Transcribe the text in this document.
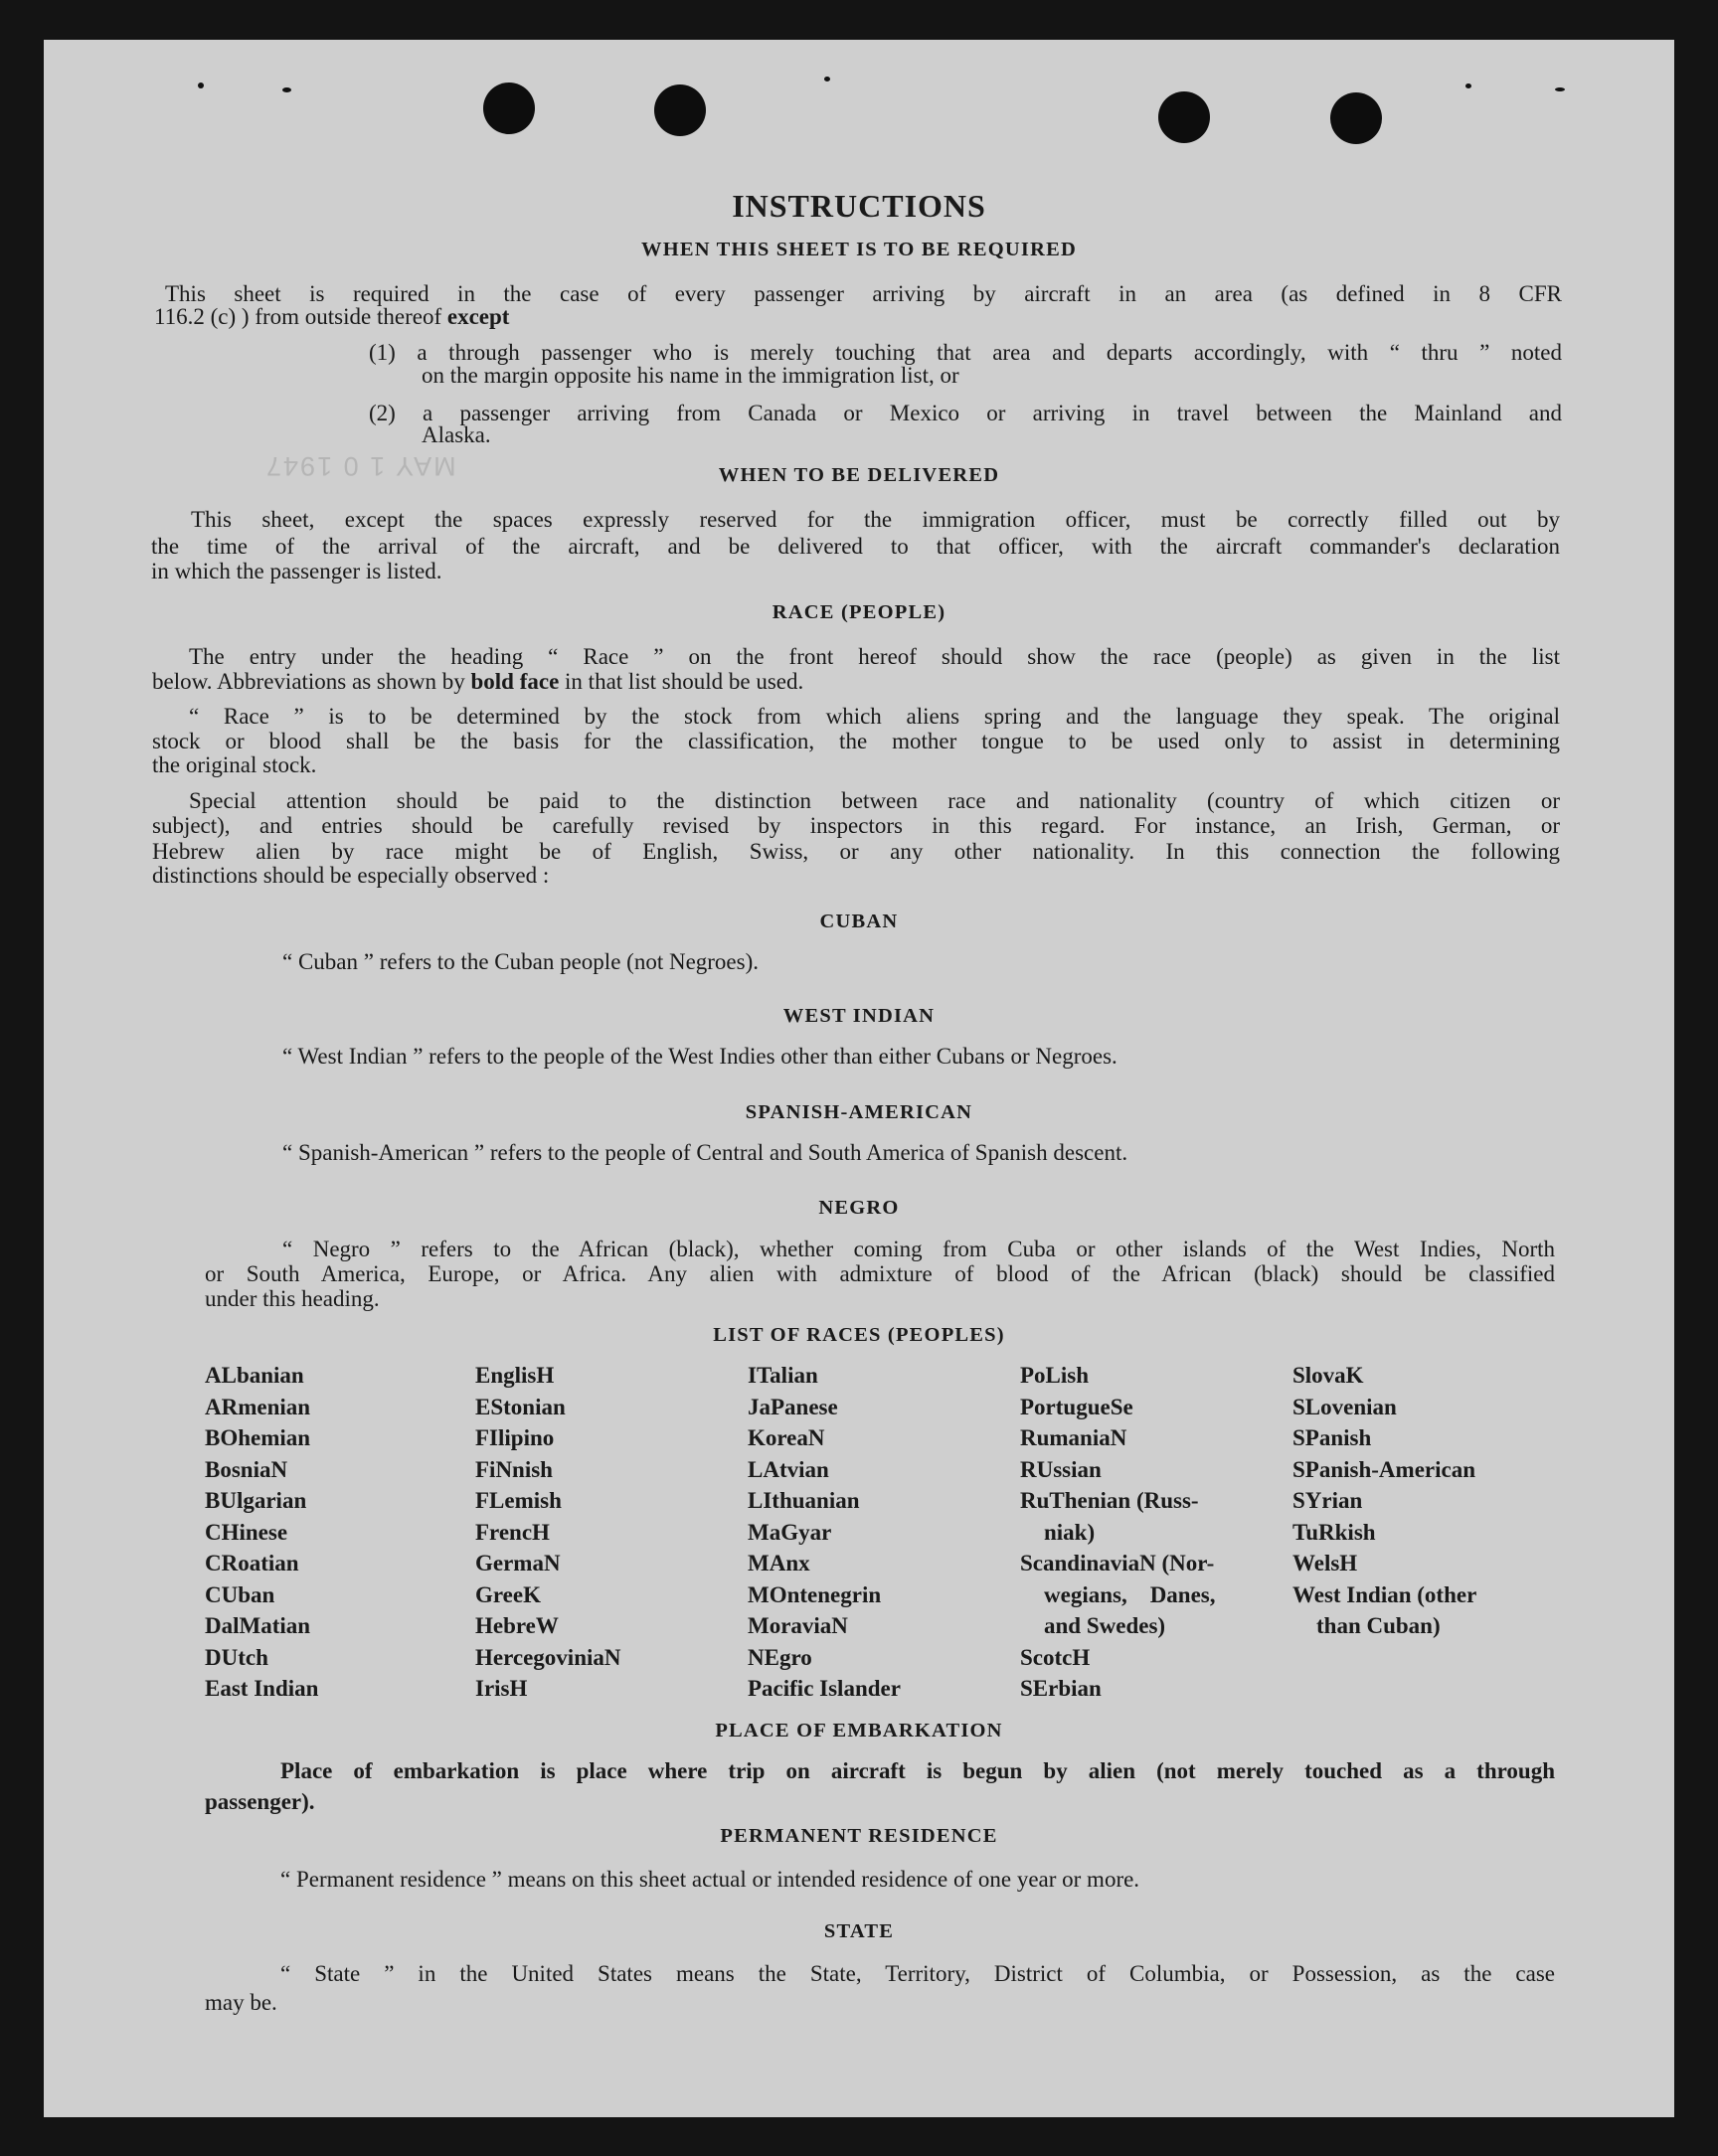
MAY 1 0 1947
INSTRUCTIONS
WHEN THIS SHEET IS TO BE REQUIRED

This sheet is required in the case of every passenger arriving by aircraft in an area (as defined in 8 CFR

116.2 (c) ) from outside thereof except

(1) a through passenger who is merely touching that area and departs accordingly, with “ thru ” noted

on the margin opposite his name in the immigration list, or

(2) a passenger arriving from Canada or Mexico or arriving in travel between the Mainland and

Alaska.

WHEN TO BE DELIVERED

This sheet, except the spaces expressly reserved for the immigration officer, must be correctly filled out by

the time of the arrival of the aircraft, and be delivered to that officer, with the aircraft commander's declaration

in which the passenger is listed.

RACE (PEOPLE)

The entry under the heading “ Race ” on the front hereof should show the race (people) as given in the list

below. Abbreviations as shown by bold face in that list should be used.

“ Race ” is to be determined by the stock from which aliens spring and the language they speak. The original

stock or blood shall be the basis for the classification, the mother tongue to be used only to assist in determining

the original stock.

Special attention should be paid to the distinction between race and nationality (country of which citizen or

subject), and entries should be carefully revised by inspectors in this regard. For instance, an Irish, German, or

Hebrew alien by race might be of English, Swiss, or any other nationality. In this connection the following

distinctions should be especially observed :

CUBAN

“ Cuban ” refers to the Cuban people (not Negroes).

WEST INDIAN

“ West Indian ” refers to the people of the West Indies other than either Cubans or Negroes.

SPANISH-AMERICAN

“ Spanish-American ” refers to the people of Central and South America of Spanish descent.

NEGRO

“ Negro ” refers to the African (black), whether coming from Cuba or other islands of the West Indies, North

or South America, Europe, or Africa. Any alien with admixture of blood of the African (black) should be classified

under this heading.

LIST OF RACES (PEOPLES)
ALbanian
ARmenian
BOhemian
BosniaN
BUlgarian
CHinese
CRoatian
CUban
DalMatian
DUtch
East Indian
EnglisH
EStonian
FIlipino
FiNnish
FLemish
FrencH
GermaN
GreeK
HebreW
HercegoviniaN
IrisH
ITalian
JaPanese
KoreaN
LAtvian
LIthuanian
MaGyar
MAnx
MOntenegrin
MoraviaN
NEgro
Pacific Islander
PoLish
PortugueSe
RumaniaN
RUssian
RuThenian (Russ-
niak)
ScandinaviaN (Nor-
wegians,    Danes,
and Swedes)
ScotcH
SErbian
SlovaK
SLovenian
SPanish
SPanish-American
SYrian
TuRkish
WelsH
West Indian (other
than Cuban)
PLACE OF EMBARKATION

Place of embarkation is place where trip on aircraft is begun by alien (not merely touched as a through

passenger).

PERMANENT RESIDENCE

“ Permanent residence ” means on this sheet actual or intended residence of one year or more.

STATE

“ State ” in the United States means the State, Territory, District of Columbia, or Possession, as the case

may be.
